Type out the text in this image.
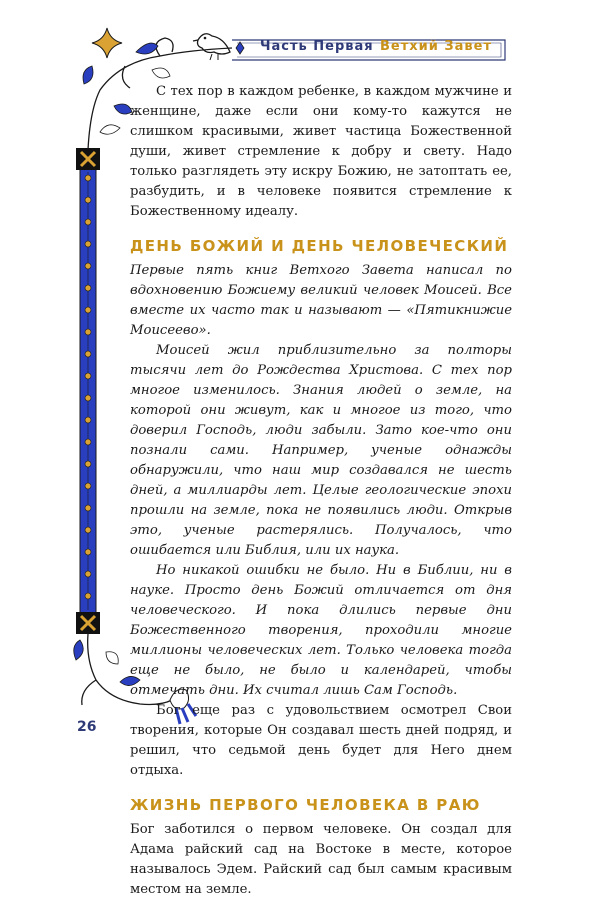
Часть Первая Ветхий Завет

С тех пор в каждом ребенке, в каждом мужчине и женщине, даже если они кому-то кажутся не слишком красивыми, живет частица Божественной души, живет стремление к добру и свету. Надо только разглядеть эту искру Божию, не затоптать ее, разбудить, и в человеке появится стремление к Божественному идеалу.

ДЕНЬ БОЖИЙ И ДЕНЬ ЧЕЛОВЕЧЕСКИЙ

Первые пять книг Ветхого Завета написал по вдохновению Божиему великий человек Моисей. Все вместе их часто так и называют — «Пятикнижие Моисеево».

Моисей жил приблизительно за полторы тысячи лет до Рождества Христова. С тех пор многое изменилось. Знания людей о земле, на которой они живут, как и многое из того, что доверил Господь, люди забыли. Зато кое-что они познали сами. Например, ученые однажды обнаружили, что наш мир создавался не шесть дней, а миллиарды лет. Целые геологические эпохи прошли на земле, пока не появились люди. Открыв это, ученые растерялись. Получалось, что ошибается или Библия, или их наука.

Но никакой ошибки не было. Ни в Библии, ни в науке. Просто день Божий отличается от дня человеческого. И пока длились первые дни Божественного творения, проходили многие миллионы человеческих лет. Только человека тогда еще не было, не было и календарей, чтобы отмечать дни. Их считал лишь Сам Господь.

Бог еще раз с удовольствием осмотрел Свои творения, которые Он создавал шесть дней подряд, и решил, что седьмой день будет для Него днем отдыха.

ЖИЗНЬ ПЕРВОГО ЧЕЛОВЕКА В РАЮ

Бог заботился о первом человеке. Он создал для Адама райский сад на Востоке в месте, которое называлось Эдем. Райский сад был самым красивым местом на земле.

26
